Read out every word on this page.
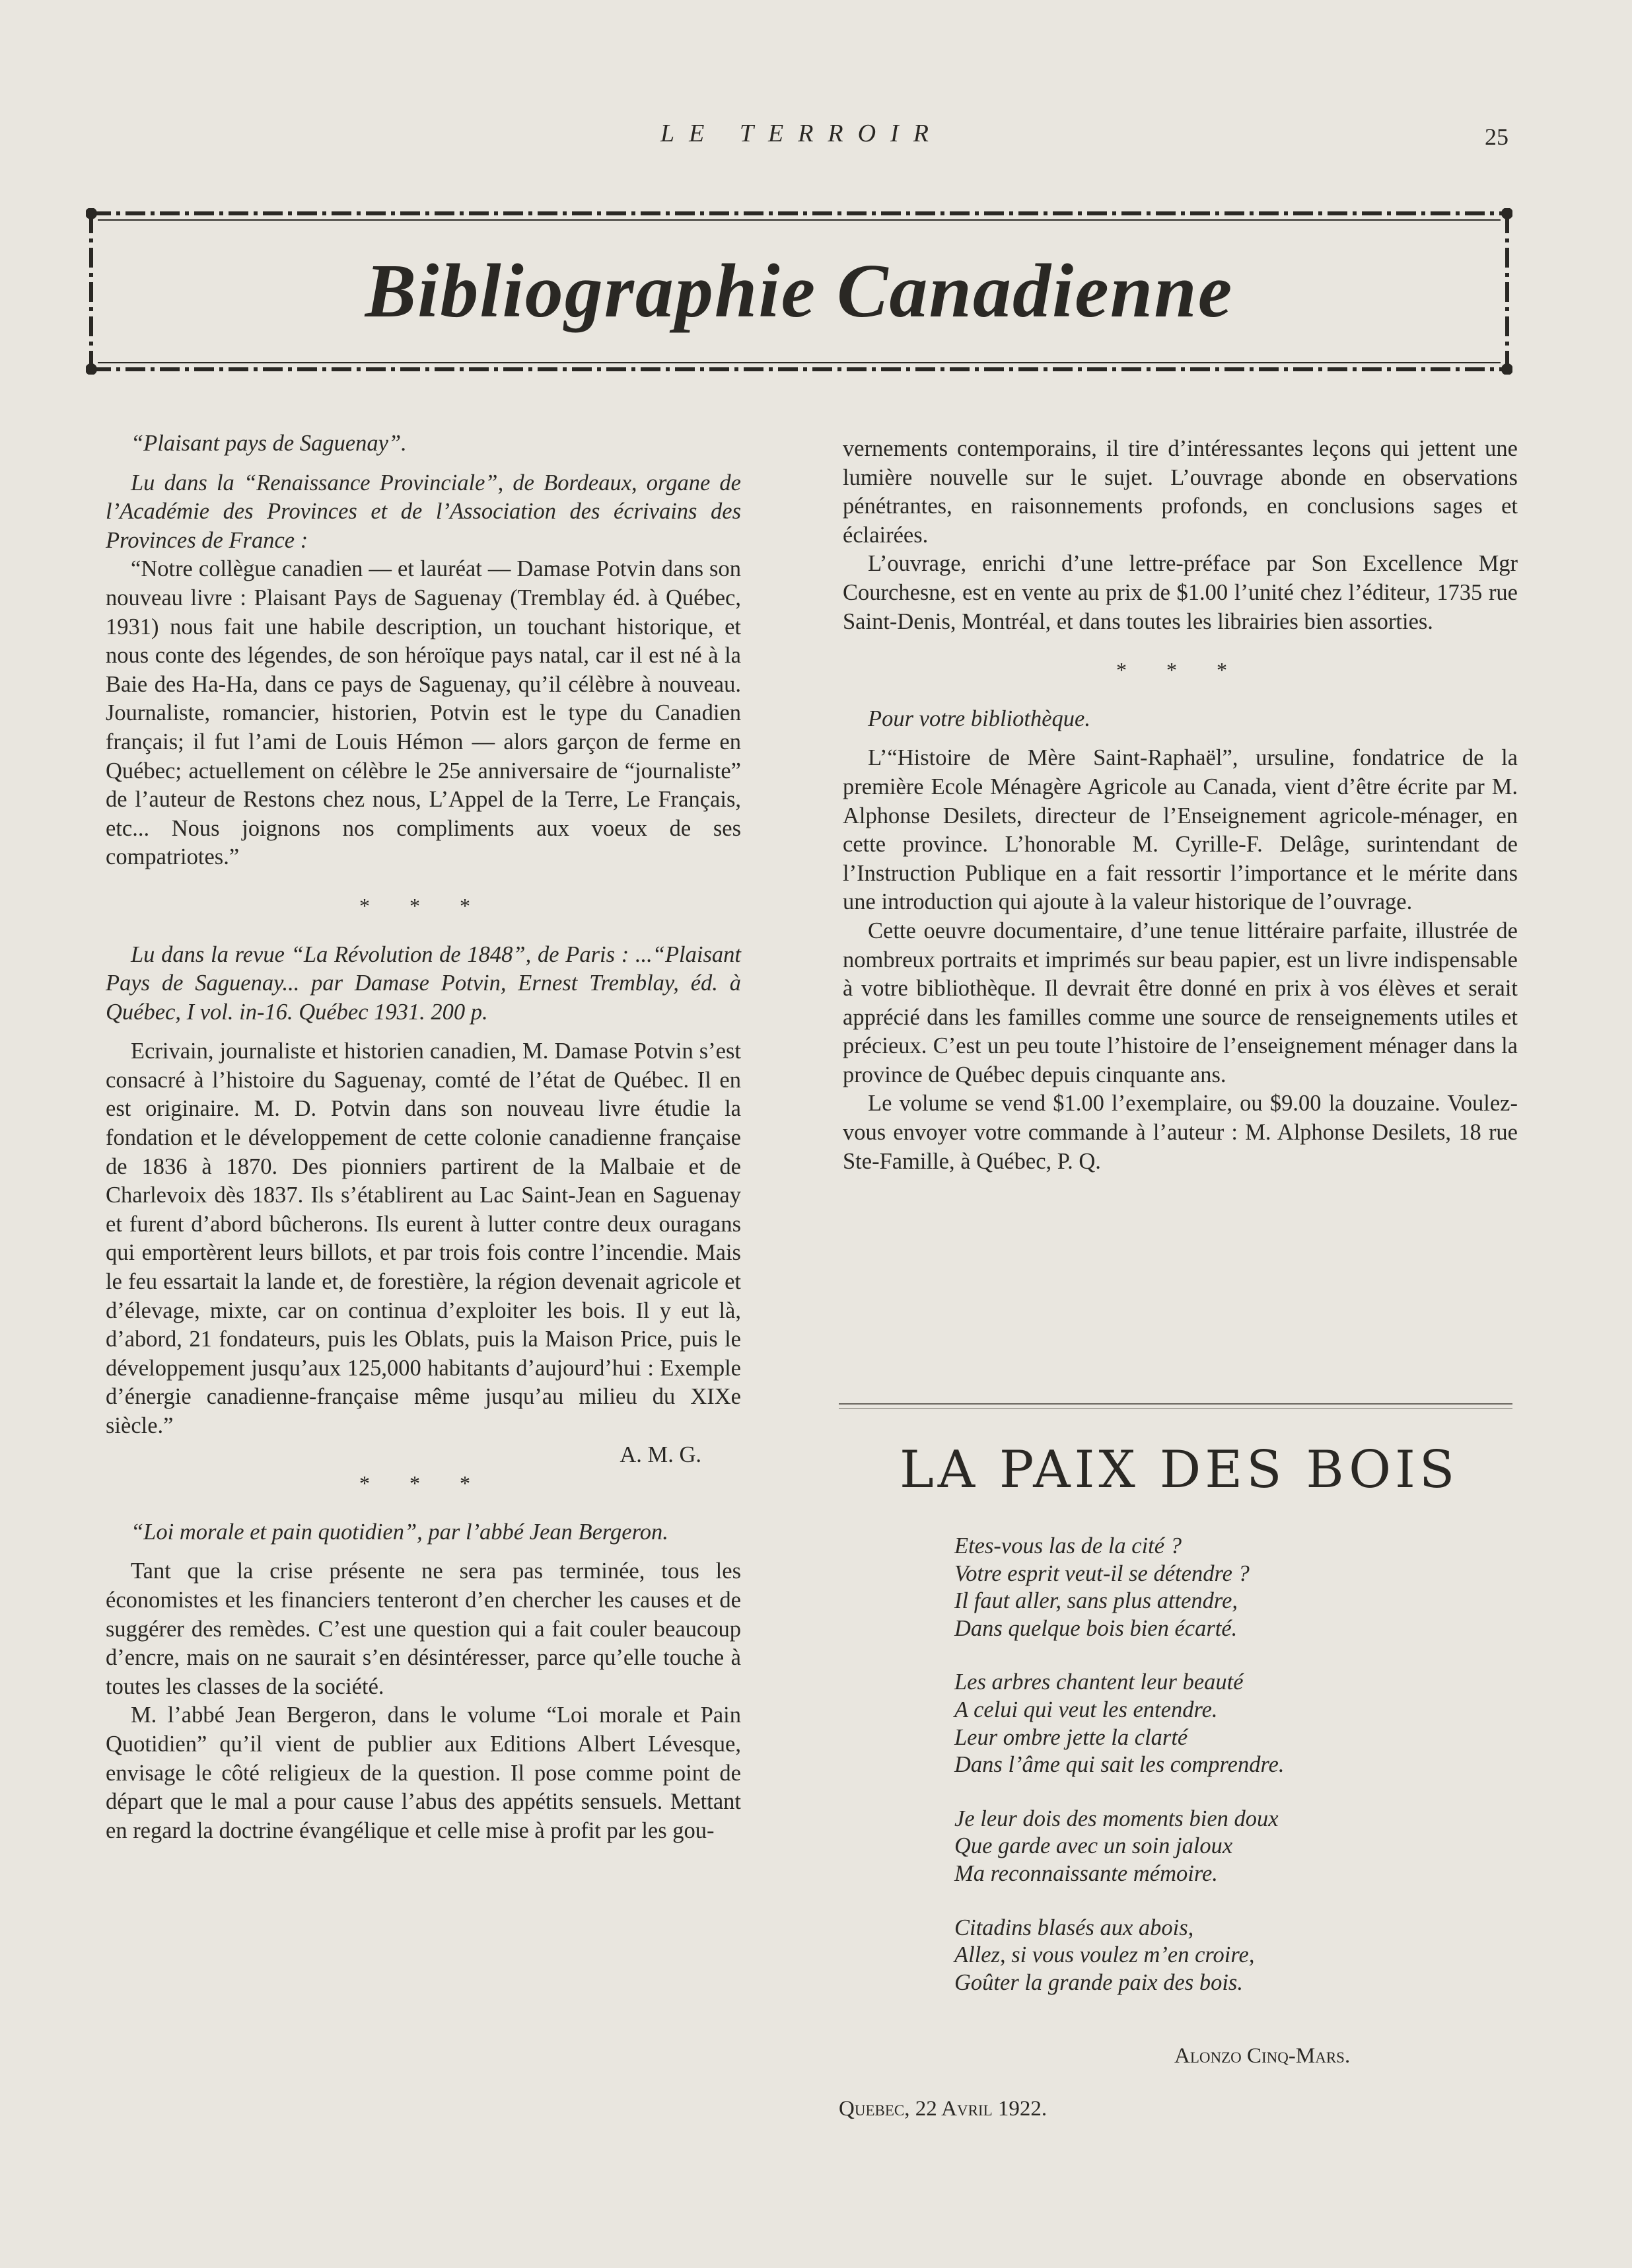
LE TERROIR	25
Bibliographie Canadienne

“Plaisant pays de Saguenay”.

Lu dans la “Renaissance Provinciale”, de Bordeaux, organe de l’Académie des Provinces et de l’Association des écrivains des Provinces de France :

“Notre collègue canadien — et lauréat — Damase Potvin dans son nouveau livre : Plaisant Pays de Saguenay (Tremblay éd. à Québec, 1931) nous fait une habile description, un touchant historique, et nous conte des légendes, de son héroïque pays natal, car il est né à la Baie des Ha-Ha, dans ce pays de Saguenay, qu’il célèbre à nouveau. Journaliste, romancier, historien, Potvin est le type du Canadien français; il fut l’ami de Louis Hémon — alors garçon de ferme en Québec; actuellement on célèbre le 25e anniversaire de “journaliste” de l’auteur de Restons chez nous, L’Appel de la Terre, Le Français, etc... Nous joignons nos compliments aux voeux de ses compatriotes.”

* * *

Lu dans la revue “La Révolution de 1848”, de Paris : ...“Plaisant Pays de Saguenay... par Damase Potvin, Ernest Tremblay, éd. à Québec, I vol. in-16. Québec 1931. 200 p.

Ecrivain, journaliste et historien canadien, M. Damase Potvin s’est consacré à l’histoire du Saguenay, comté de l’état de Québec. Il en est originaire. M. D. Potvin dans son nouveau livre étudie la fondation et le développement de cette colonie canadienne française de 1836 à 1870. Des pionniers partirent de la Malbaie et de Charlevoix dès 1837. Ils s’établirent au Lac Saint-Jean en Saguenay et furent d’abord bûcherons. Ils eurent à lutter contre deux ouragans qui emportèrent leurs billots, et par trois fois contre l’incendie. Mais le feu essartait la lande et, de forestière, la région devenait agricole et d’élevage, mixte, car on continua d’exploiter les bois. Il y eut là, d’abord, 21 fondateurs, puis les Oblats, puis la Maison Price, puis le développement jusqu’aux 125,000 habitants d’aujourd’hui : Exemple d’énergie canadienne-française même jusqu’au milieu du XIXe siècle.”

A. M. G.

* * *

“Loi morale et pain quotidien”, par l’abbé Jean Bergeron.

Tant que la crise présente ne sera pas terminée, tous les économistes et les financiers tenteront d’en chercher les causes et de suggérer des remèdes. C’est une question qui a fait couler beaucoup d’encre, mais on ne saurait s’en désintéresser, parce qu’elle touche à toutes les classes de la société.

M. l’abbé Jean Bergeron, dans le volume “Loi morale et Pain Quotidien” qu’il vient de publier aux Editions Albert Lévesque, envisage le côté religieux de la question. Il pose comme point de départ que le mal a pour cause l’abus des appétits sensuels. Mettant en regard la doctrine évangélique et celle mise à profit par les gou-

vernements contemporains, il tire d’intéressantes leçons qui jettent une lumière nouvelle sur le sujet. L’ouvrage abonde en observations pénétrantes, en raisonnements profonds, en conclusions sages et éclairées.

L’ouvrage, enrichi d’une lettre-préface par Son Excellence Mgr Courchesne, est en vente au prix de $1.00 l’unité chez l’éditeur, 1735 rue Saint-Denis, Montréal, et dans toutes les librairies bien assorties.

* * *

Pour votre bibliothèque.

L’“Histoire de Mère Saint-Raphaël”, ursuline, fondatrice de la première Ecole Ménagère Agricole au Canada, vient d’être écrite par M. Alphonse Desilets, directeur de l’Enseignement agricole-ménager, en cette province. L’honorable M. Cyrille-F. Delâge, surintendant de l’Instruction Publique en a fait ressortir l’importance et le mérite dans une introduction qui ajoute à la valeur historique de l’ouvrage.

Cette oeuvre documentaire, d’une tenue littéraire parfaite, illustrée de nombreux portraits et imprimés sur beau papier, est un livre indispensable à votre bibliothèque. Il devrait être donné en prix à vos élèves et serait apprécié dans les familles comme une source de renseignements utiles et précieux. C’est un peu toute l’histoire de l’enseignement ménager dans la province de Québec depuis cinquante ans.

Le volume se vend $1.00 l’exemplaire, ou $9.00 la douzaine. Voulez-vous envoyer votre commande à l’auteur : M. Alphonse Desilets, 18 rue Ste-Famille, à Québec, P. Q.

LA PAIX DES BOIS
Etes-vous las de la cité ?
Votre esprit veut-il se détendre ?
Il faut aller, sans plus attendre,
Dans quelque bois bien écarté.
Les arbres chantent leur beauté
A celui qui veut les entendre.
Leur ombre jette la clarté
Dans l’âme qui sait les comprendre.
Je leur dois des moments bien doux
Que garde avec un soin jaloux
Ma reconnaissante mémoire.
Citadins blasés aux abois,
Allez, si vous voulez m’en croire,
Goûter la grande paix des bois.
Alonzo Cinq-Mars.
Quebec, 22 Avril 1922.
